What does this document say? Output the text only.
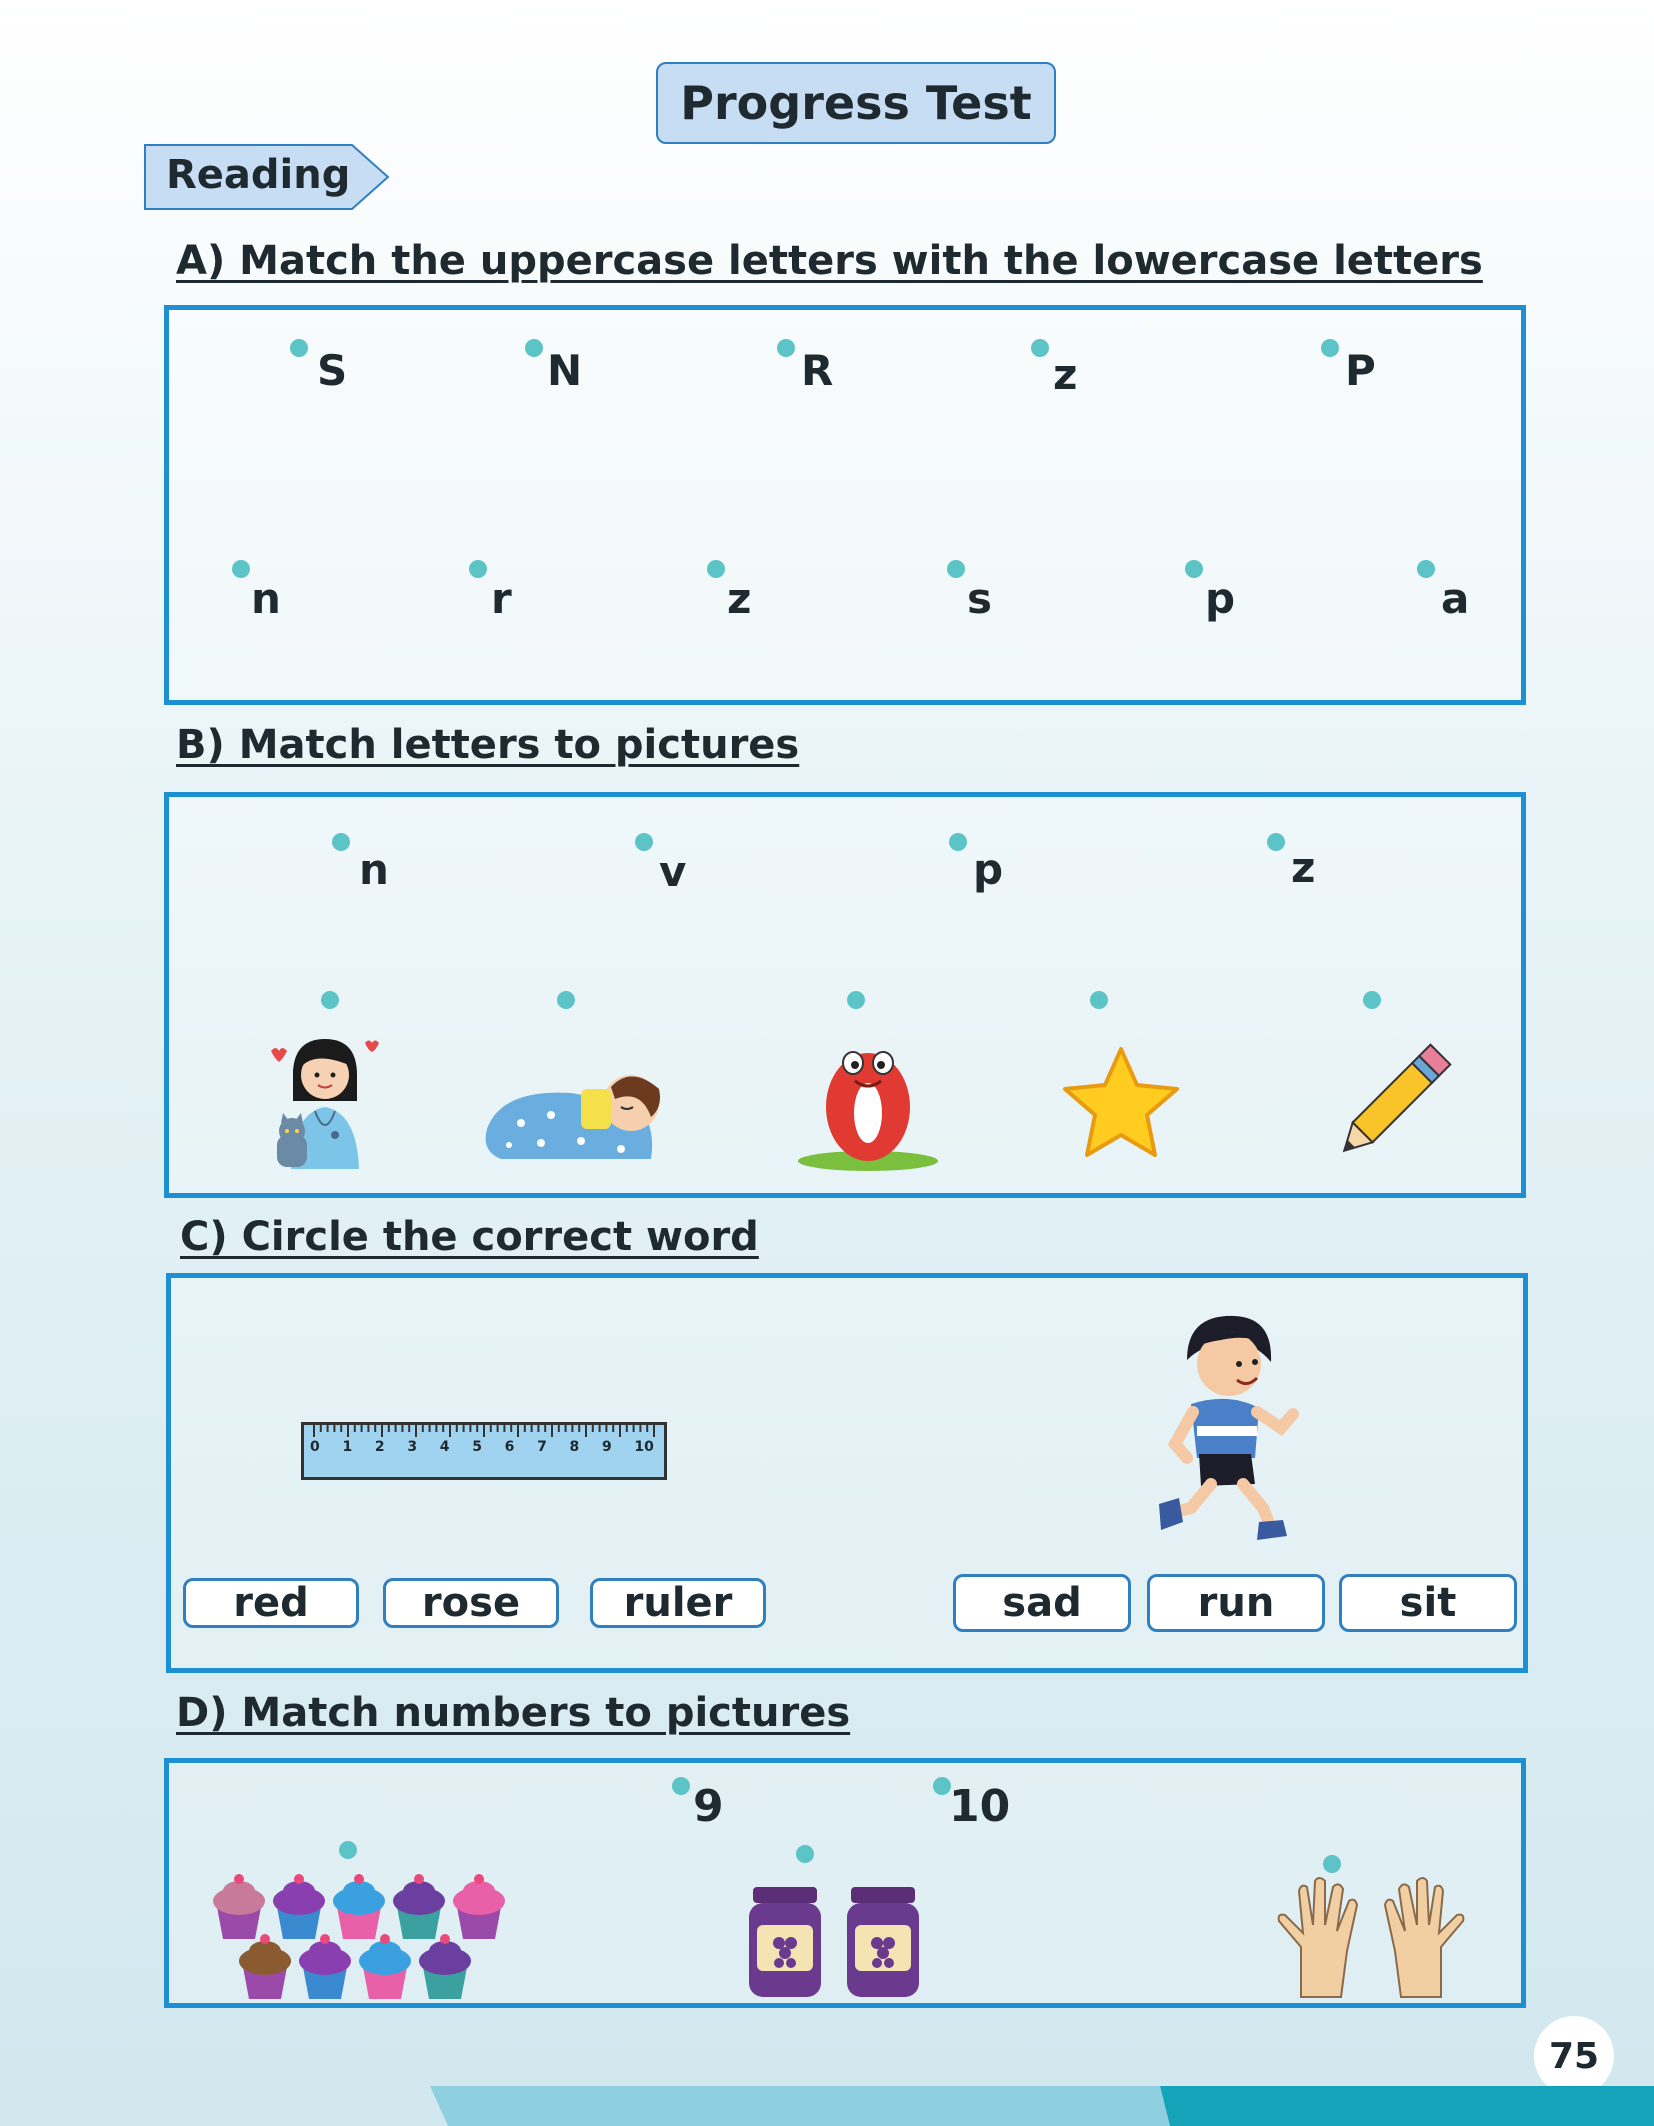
Progress Test
Reading
A) Match the uppercase letters with the lowercase letters
S	N	R	z	P
n	r	z	s	p	a
B) Match letters to pictures
n	v	p	z
C) Circle the correct word
0 1 2 3 4 5 6 7 8 9 10
red	rose	ruler	sad	run	sit
D) Match numbers to pictures
9	10
75
